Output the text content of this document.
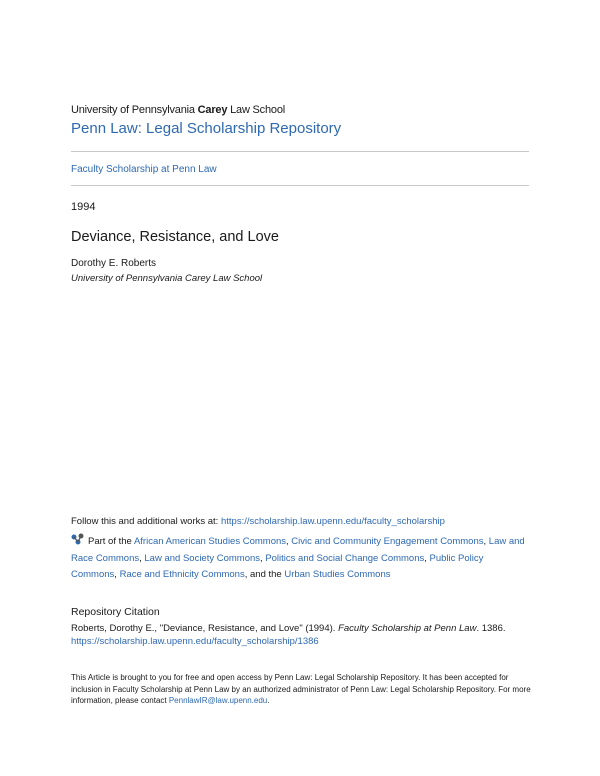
University of Pennsylvania Carey Law School
Penn Law: Legal Scholarship Repository
Faculty Scholarship at Penn Law
1994
Deviance, Resistance, and Love
Dorothy E. Roberts
University of Pennsylvania Carey Law School
Follow this and additional works at: https://scholarship.law.upenn.edu/faculty_scholarship
Part of the African American Studies Commons, Civic and Community Engagement Commons, Law and Race Commons, Law and Society Commons, Politics and Social Change Commons, Public Policy Commons, Race and Ethnicity Commons, and the Urban Studies Commons
Repository Citation
Roberts, Dorothy E., "Deviance, Resistance, and Love" (1994). Faculty Scholarship at Penn Law. 1386.
https://scholarship.law.upenn.edu/faculty_scholarship/1386
This Article is brought to you for free and open access by Penn Law: Legal Scholarship Repository. It has been accepted for inclusion in Faculty Scholarship at Penn Law by an authorized administrator of Penn Law: Legal Scholarship Repository. For more information, please contact PennlawIR@law.upenn.edu.
